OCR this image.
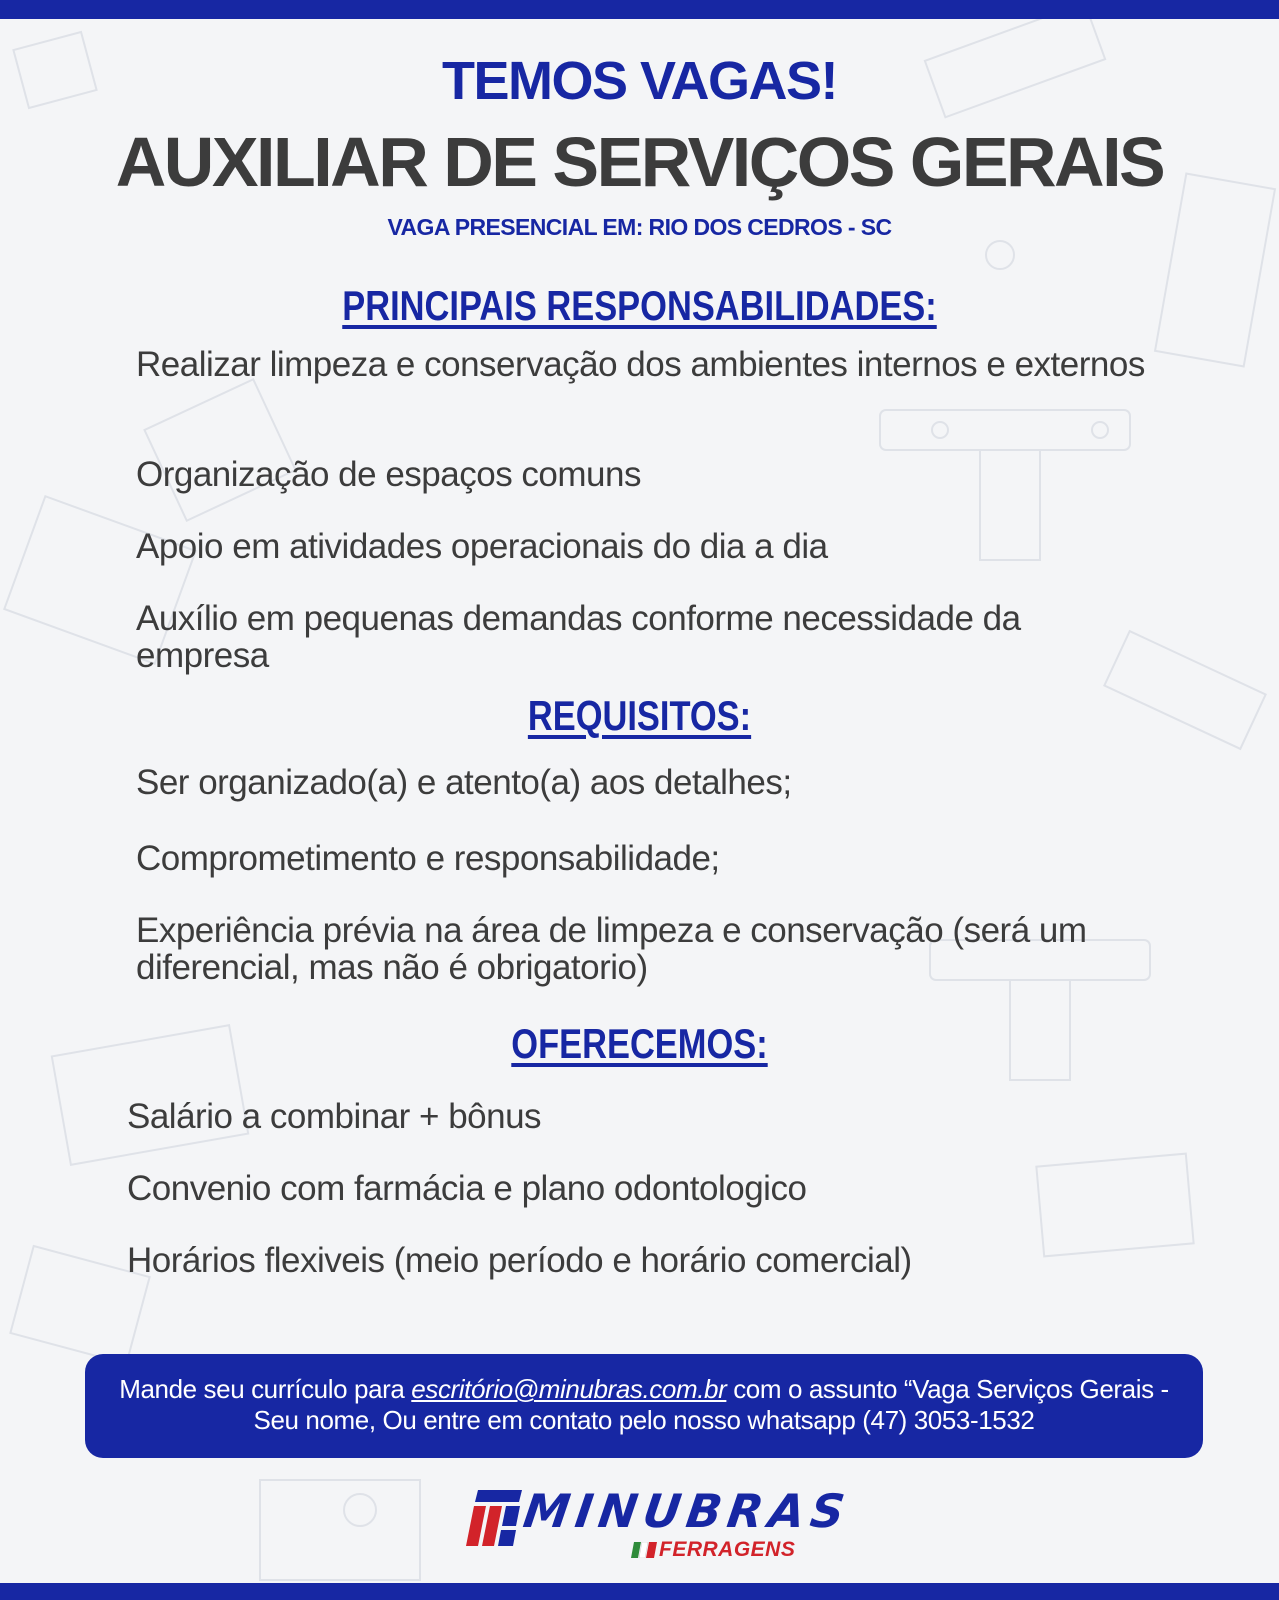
TEMOS VAGAS!
AUXILIAR DE SERVIÇOS GERAIS
VAGA PRESENCIAL EM: RIO DOS CEDROS - SC
PRINCIPAIS RESPONSABILIDADES:
Realizar limpeza e conservação dos ambientes internos e externos
Organização de espaços comuns
Apoio em atividades operacionais do dia a dia
Auxílio em pequenas demandas conforme necessidade da empresa
REQUISITOS:
Ser organizado(a) e atento(a) aos detalhes;
Comprometimento e responsabilidade;
Experiência prévia na área de limpeza e conservação (será um diferencial, mas não é obrigatorio)
OFERECEMOS:
Salário a combinar + bônus
Convenio com farmácia e plano odontologico
Horários flexiveis (meio período e horário comercial)
Mande seu currículo para escritório@minubras.com.br com o assunto “Vaga Serviços Gerais - Seu nome, Ou entre em contato pelo nosso whatsapp (47) 3053-1532
MINUBRAS
FERRAGENS
